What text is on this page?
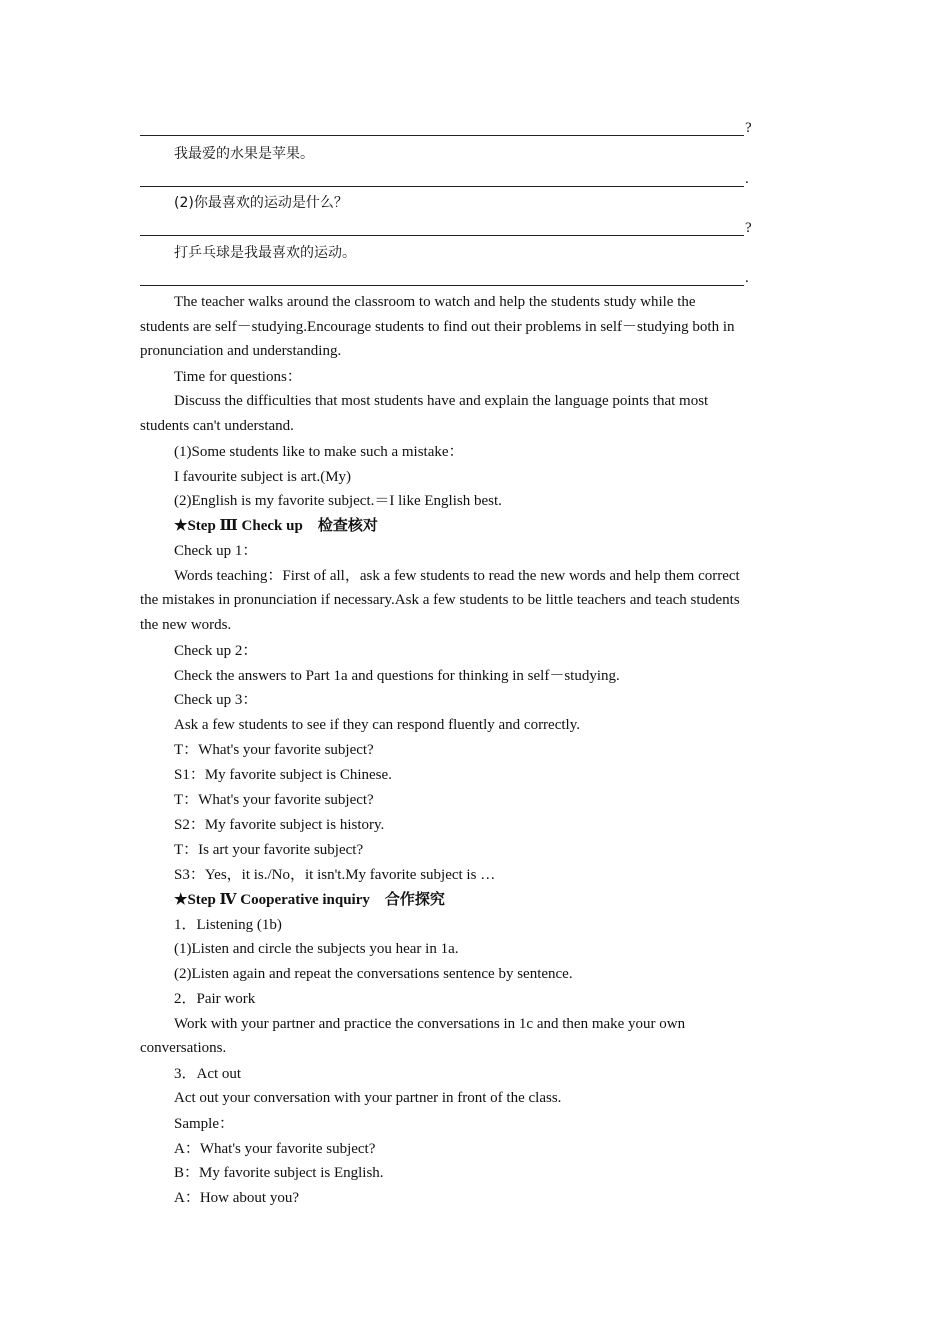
?
.
?
.
我最爱的水果是苹果。
(2)你最喜欢的运动是什么？
打乒乓球是我最喜欢的运动。
The teacher walks around the classroom to watch and help the students study while the
students are self－studying.Encourage students to find out their problems in self－studying both in
pronunciation and understanding.
Time for questions：
Discuss the difficulties that most students have and explain the language points that most
students can't understand.
(1)Some students like to make such a mistake：
I favourite subject is art.(My)
(2)English is my favorite subject.＝I like English best.
★Step Ⅲ Check up　检查核对
Check up 1：
Words teaching：First of all，ask a few students to read the new words and help them correct
the mistakes in pronunciation if necessary.Ask a few students to be little teachers and teach students
the new words.
Check up 2：
Check the answers to Part 1a and questions for thinking in self－studying.
Check up 3：
Ask a few students to see if they can respond fluently and correctly.
T：What's your favorite subject?
S1：My favorite subject is Chinese.
T：What's your favorite subject?
S2：My favorite subject is history.
T：Is art your favorite subject?
S3：Yes，it is./No，it isn't.My favorite subject is …
★Step Ⅳ Cooperative inquiry　合作探究
1．Listening (1b)
(1)Listen and circle the subjects you hear in 1a.
(2)Listen again and repeat the conversations sentence by sentence.
2．Pair work
Work with your partner and practice the conversations in 1c and then make your own
conversations.
3．Act out
Act out your conversation with your partner in front of the class.
Sample：
A：What's your favorite subject?
B：My favorite subject is English.
A：How about you?
